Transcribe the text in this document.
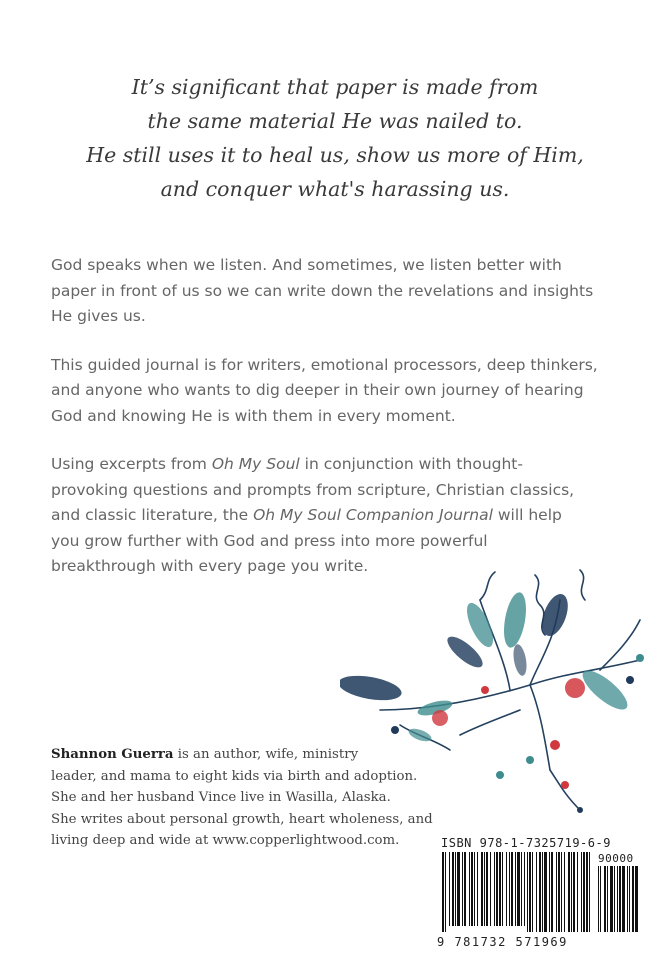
It’s significant that paper is made from
the same material He was nailed to.
He still uses it to heal us, show us more of Him,
and conquer what's harassing us.

God speaks when we listen. And sometimes, we listen better with
paper in front of us so we can write down the revelations and insights
He gives us.

This guided journal is for writers, emotional processors, deep thinkers,
and anyone who wants to dig deeper in their own journey of hearing
God and knowing He is with them in every moment.

Using excerpts from Oh My Soul in conjunction with thought-
provoking questions and prompts from scripture, Christian classics,
and classic literature, the Oh My Soul Companion Journal will help
you grow further with God and press into more powerful
breakthrough with every page you write.

Shannon Guerra is an author, wife, ministry
leader, and mama to eight kids via birth and adoption.
She and her husband Vince live in Wasilla, Alaska.
She writes about personal growth, heart wholeness, and
living deep and wide at www.copperlightwood.com.	ISBN 978-1-7325719-6-9
90000
9 781732 571969
